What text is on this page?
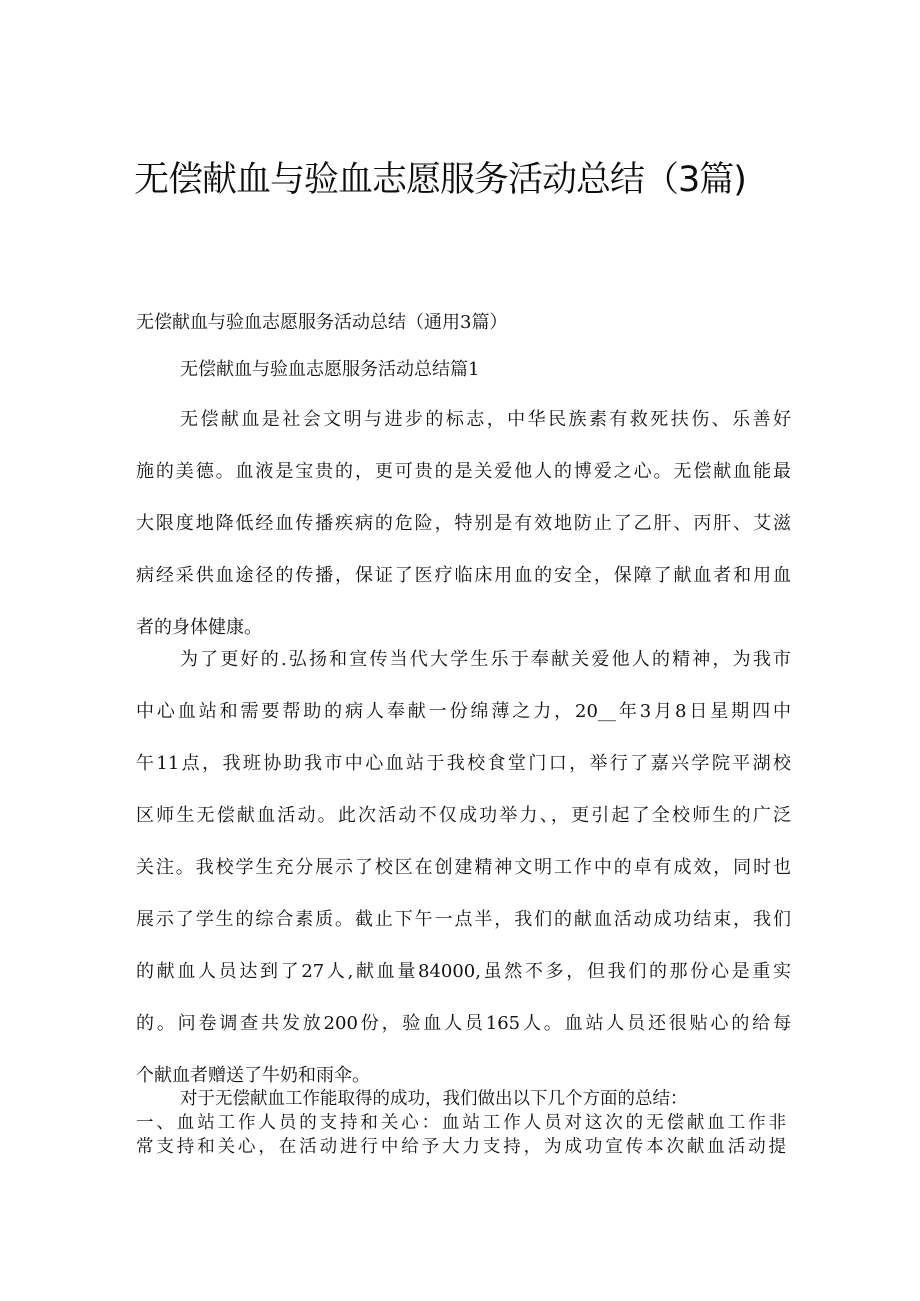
无偿献血与验血志愿服务活动总结（3篇)
无偿献血与验血志愿服务活动总结（通用3篇）
无偿献血与验血志愿服务活动总结篇1
无偿献血是社会文明与进步的标志，中华民族素有救死扶伤、乐善好
施的美德。血液是宝贵的，更可贵的是关爱他人的博爱之心。无偿献血能最
大限度地降低经血传播疾病的危险，特别是有效地防止了乙肝、丙肝、艾滋
病经采供血途径的传播，保证了医疗临床用血的安全，保障了献血者和用血
者的身体健康。
为了更好的.弘扬和宣传当代大学生乐于奉献关爱他人的精神，为我市
中心血站和需要帮助的病人奉献一份绵薄之力，20__年3月8日星期四中
午11点，我班协助我市中心血站于我校食堂门口，举行了嘉兴学院平湖校
区师生无偿献血活动。此次活动不仅成功举力、，更引起了全校师生的广泛
关注。我校学生充分展示了校区在创建精神文明工作中的卓有成效，同时也
展示了学生的综合素质。截止下午一点半，我们的献血活动成功结束，我们
的献血人员达到了27人,献血量84000,虽然不多，但我们的那份心是重实
的。问卷调查共发放200份，验血人员165人。血站人员还很贴心的给每
个献血者赠送了牛奶和雨伞。
对于无偿献血工作能取得的成功，我们做出以下几个方面的总结：
一、血站工作人员的支持和关心：血站工作人员对这次的无偿献血工作非
常支持和关心，在活动进行中给予大力支持，为成功宣传本次献血活动提
